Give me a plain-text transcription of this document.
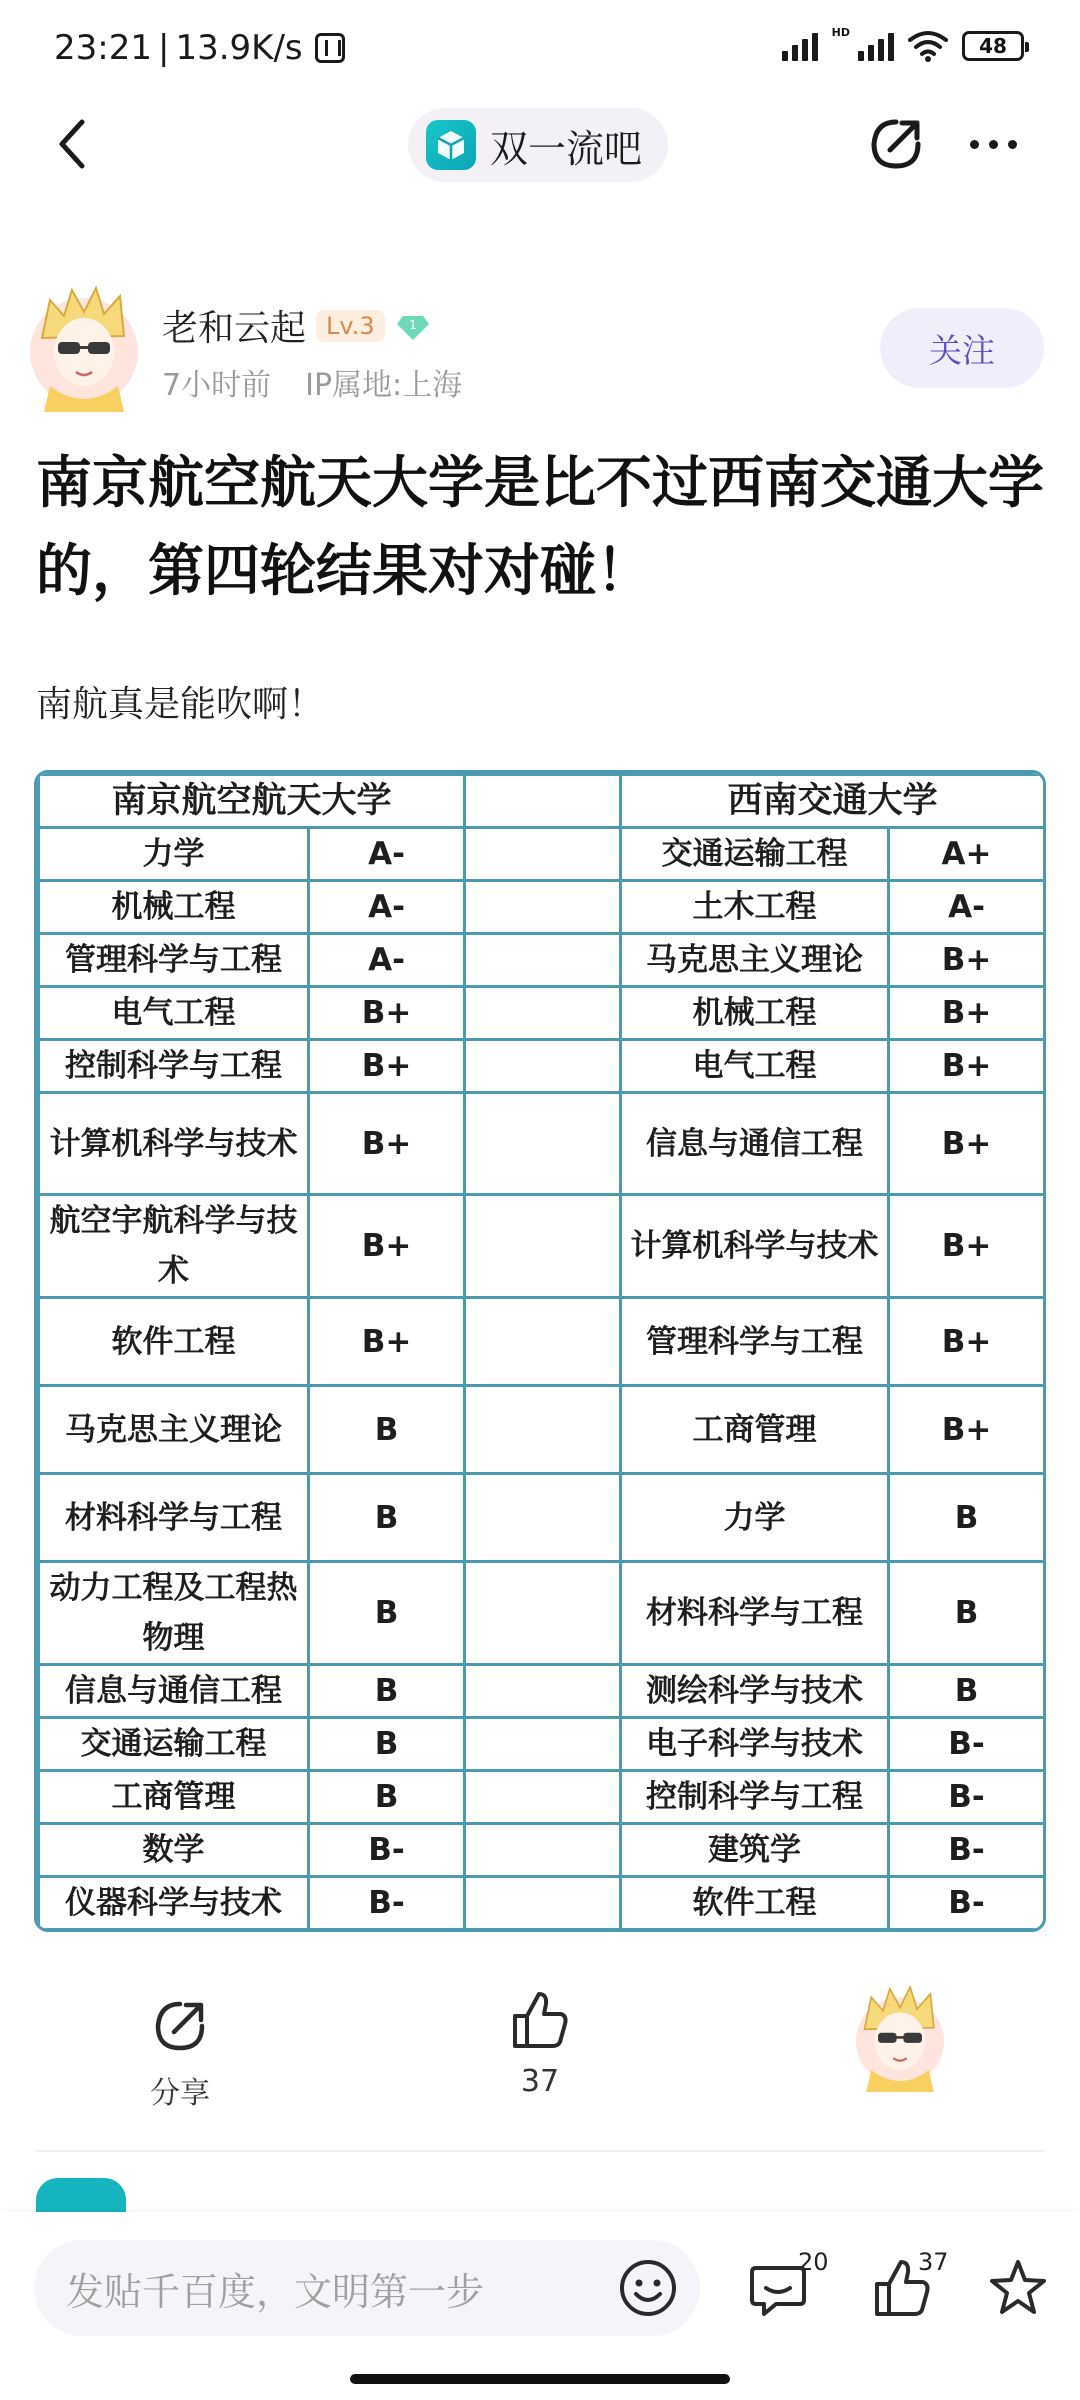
23:21 | 13.9K/s	HD
48
双一流吧
老和云起 Lv.3	1
7小时前 IP属地:上海
关注
南京航空航天大学是比不过西南交通大学的，第四轮结果对对碰！
南航真是能吹啊！
南京航空航天大学			西南交通大学	
力学	A-		交通运输工程	A+
机械工程	A-		土木工程	A-
管理科学与工程	A-		马克思主义理论	B+
电气工程	B+		机械工程	B+
控制科学与工程	B+		电气工程	B+
计算机科学与技术	B+		信息与通信工程	B+
航空宇航科学与技术	B+		计算机科学与技术	B+
软件工程	B+		管理科学与工程	B+
马克思主义理论	B		工商管理	B+
材料科学与工程	B		力学	B
动力工程及工程热物理	B		材料科学与工程	B
信息与通信工程	B		测绘科学与技术	B
交通运输工程	B		电子科学与技术	B-
工商管理	B		控制科学与工程	B-
数学	B-		建筑学	B-
仪器科学与技术	B-		软件工程	B-
分享	37
发贴千百度，文明第一步
20	37
